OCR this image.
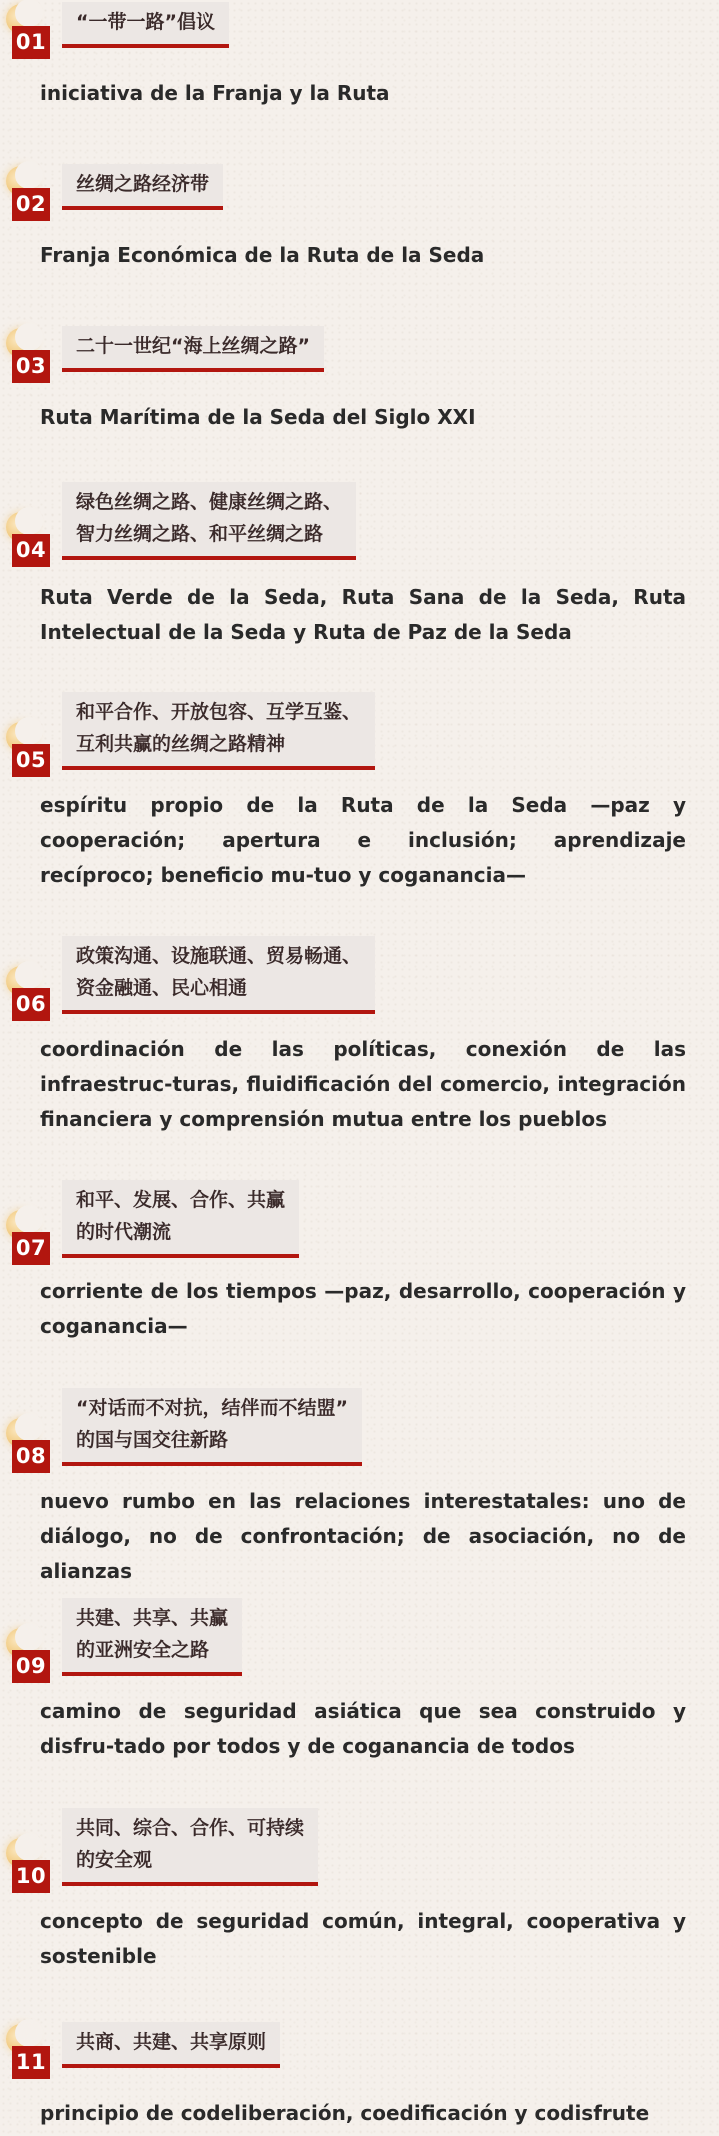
01
“一带一路”倡议
iniciativa de la Franja y la Ruta
02
丝绸之路经济带
Franja Económica de la Ruta de la Seda
03
二十一世纪“海上丝绸之路”
Ruta Marítima de la Seda del Siglo XXI
04
绿色丝绸之路、健康丝绸之路、
智力丝绸之路、和平丝绸之路
Ruta Verde de la Seda, Ruta Sana de la Seda, Ruta Intelectual de la Seda y Ruta de Paz de la Seda
05
和平合作、开放包容、互学互鉴、
互利共赢的丝绸之路精神
espíritu propio de la Ruta de la Seda —paz y cooperación; apertura e inclusión; aprendizaje recíproco; beneficio mu-tuo y coganancia—
06
政策沟通、设施联通、贸易畅通、
资金融通、民心相通
coordinación de las políticas, conexión de las infraestruc-turas, fluidificación del comercio, integración financiera y comprensión mutua entre los pueblos
07
和平、发展、合作、共赢
的时代潮流
corriente de los tiempos —paz, desarrollo, cooperación y coganancia—
08
“对话而不对抗，结伴而不结盟”
的国与国交往新路
nuevo rumbo en las relaciones interestatales: uno de diálogo, no de confrontación; de asociación, no de alianzas
09
共建、共享、共赢
的亚洲安全之路
camino de seguridad asiática que sea construido y disfru-tado por todos y de coganancia de todos
10
共同、综合、合作、可持续
的安全观
concepto de seguridad común, integral, cooperativa y sostenible
11
共商、共建、共享原则
principio de codeliberación, coedificación y codisfrute
